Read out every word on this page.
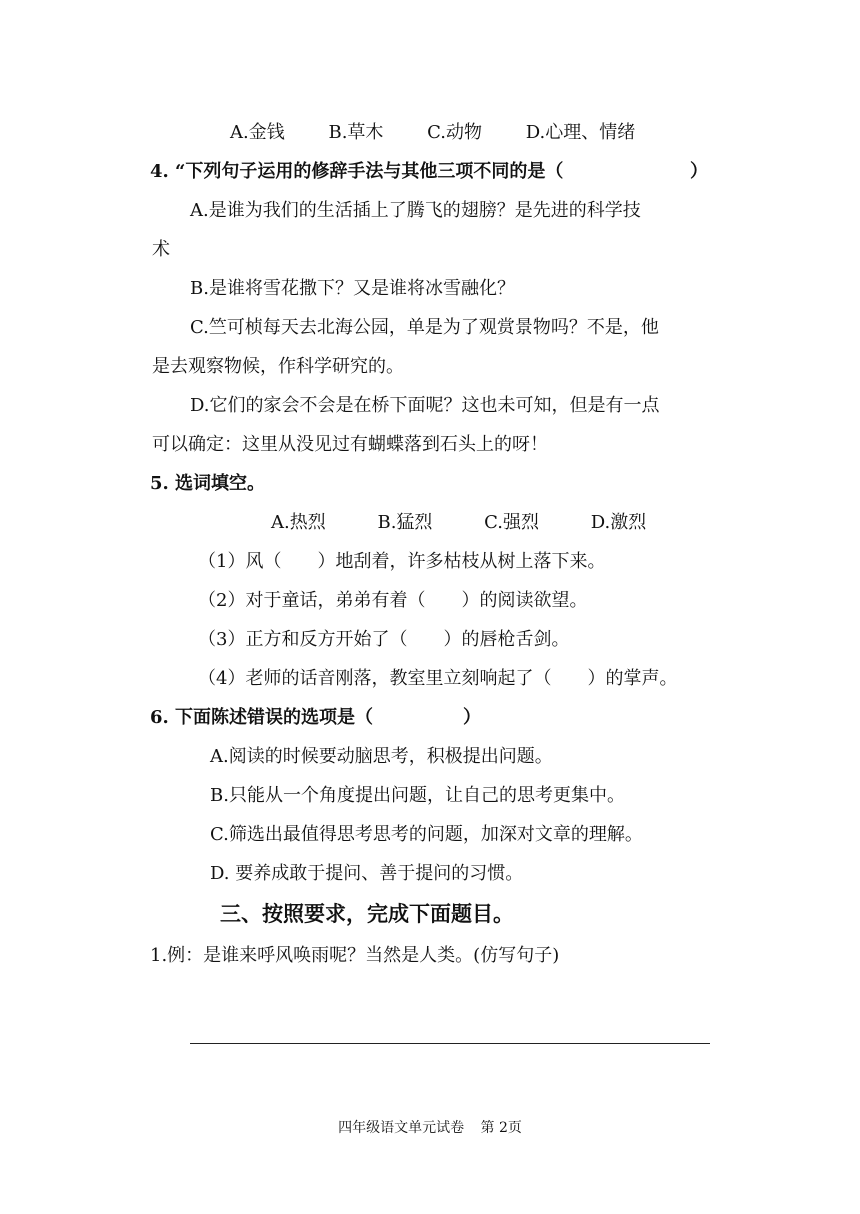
A.金钱 B.草木 C.动物 D.心理、情绪
4. “下列句子运用的修辞手法与其他三项不同的是（	）
A.是谁为我们的生活插上了腾飞的翅膀？是先进的科学技
术
B.是谁将雪花撒下？又是谁将冰雪融化？
C.竺可桢每天去北海公园，单是为了观赏景物吗？不是，他
是去观察物候，作科学研究的。
D.它们的家会不会是在桥下面呢？这也未可知，但是有一点
可以确定：这里从没见过有蝴蝶落到石头上的呀！
5. 选词填空。
A.热烈	B.猛烈	C.强烈	D.激烈
（1）风（　　）地刮着，许多枯枝从树上落下来。
（2）对于童话，弟弟有着（　　）的阅读欲望。
（3）正方和反方开始了（　　）的唇枪舌剑。
（4）老师的话音刚落，教室里立刻响起了（　　）的掌声。
6. 下面陈述错误的选项是（　　　　　）
A.阅读的时候要动脑思考，积极提出问题。
B.只能从一个角度提出问题，让自己的思考更集中。
C.筛选出最值得思考思考的问题，加深对文章的理解。
D. 要养成敢于提问、善于提问的习惯。
三、按照要求，完成下面题目。
1.例：是谁来呼风唤雨呢？当然是人类。(仿写句子)
四年级语文单元试卷 第 2页
